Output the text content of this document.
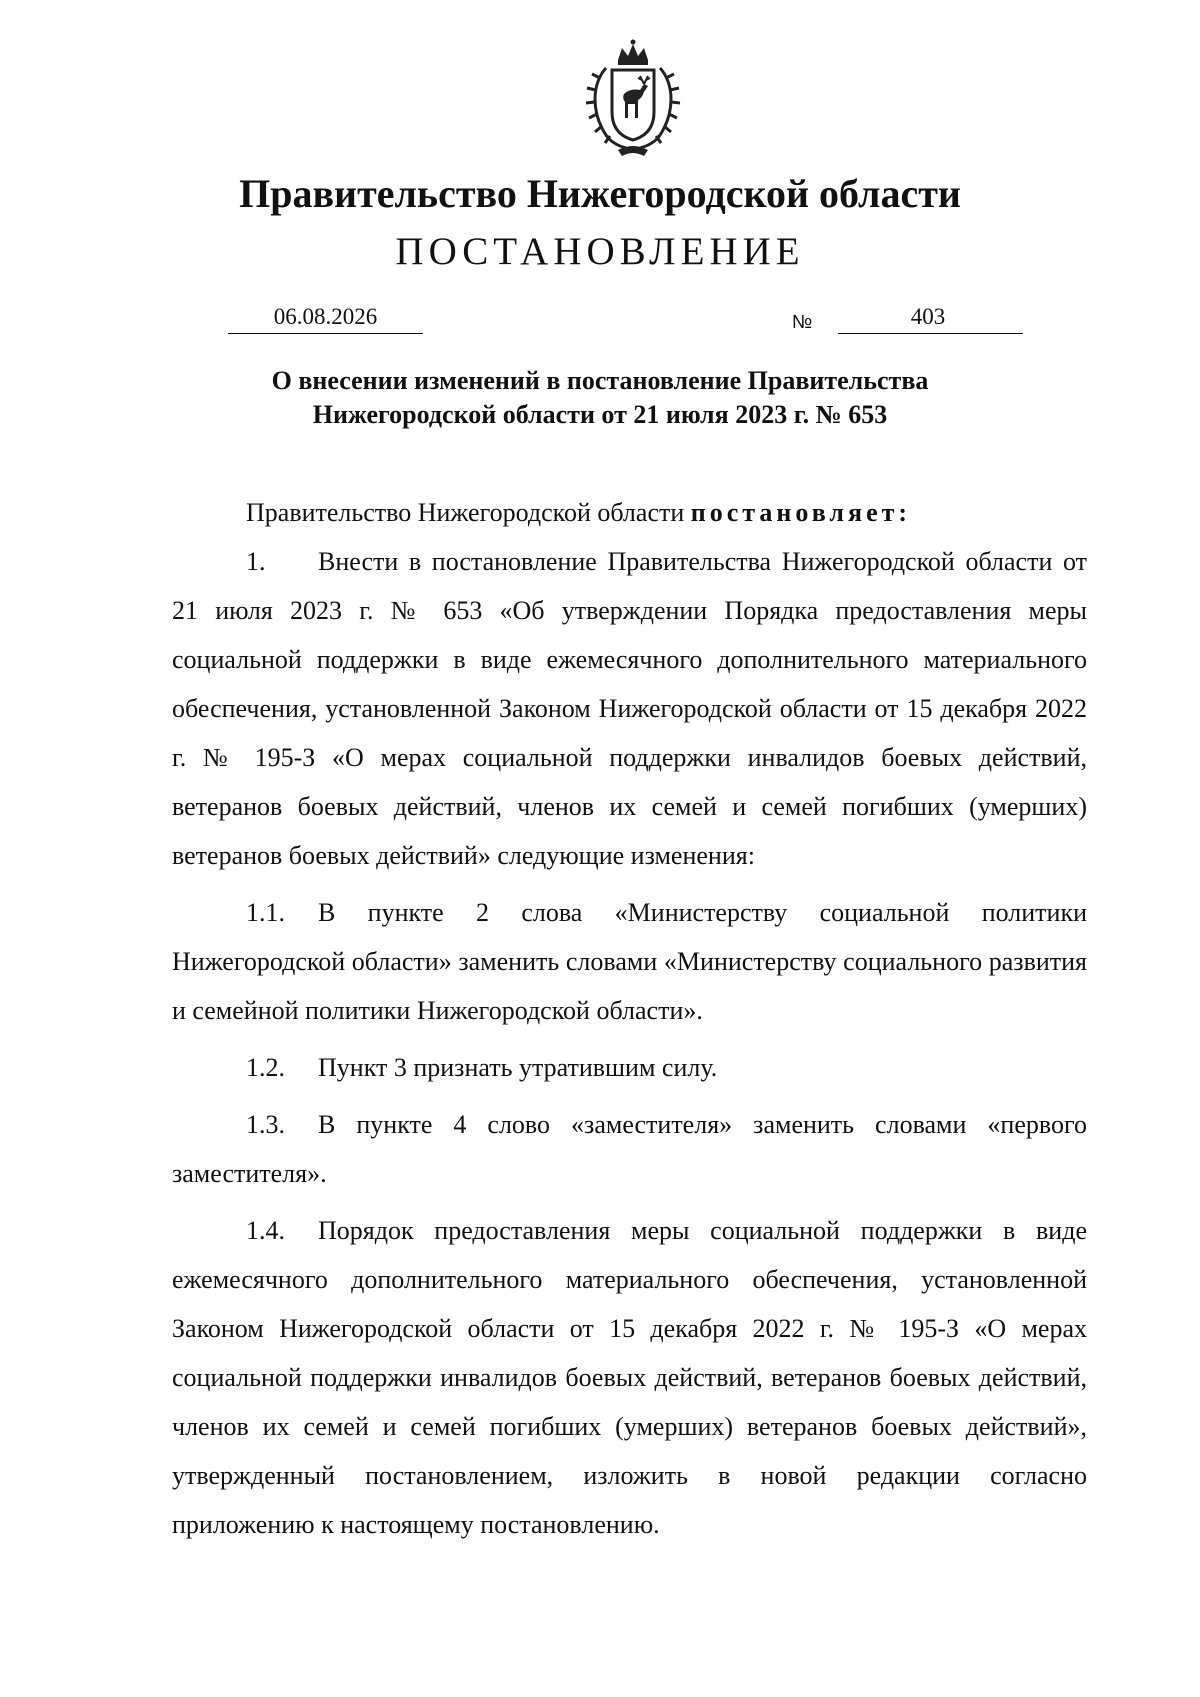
Правительство Нижегородской области
ПОСТАНОВЛЕНИЕ
06.08.2026	№	403
О внесении изменений в постановление Правительства
Нижегородской области от 21 июля 2023 г. № 653

Правительство Нижегородской области постановляет:

1. Внести в постановление Правительства Нижегородской области от 21 июля 2023 г. № 653 «Об утверждении Порядка предоставления меры социальной поддержки в виде ежемесячного дополнительного материального обеспечения, установленной Законом Нижегородской области от 15 декабря 2022 г. № 195-З «О мерах социальной поддержки инвалидов боевых действий, ветеранов боевых действий, членов их семей и семей погибших (умерших) ветеранов боевых действий» следующие изменения:

1.1. В пункте 2 слова «Министерству социальной политики Нижегородской области» заменить словами «Министерству социального развития и семейной политики Нижегородской области».

1.2. Пункт 3 признать утратившим силу.

1.3. В пункте 4 слово «заместителя» заменить словами «первого заместителя».

1.4. Порядок предоставления меры социальной поддержки в виде ежемесячного дополнительного материального обеспечения, установленной Законом Нижегородской области от 15 декабря 2022 г. № 195-З «О мерах социальной поддержки инвалидов боевых действий, ветеранов боевых действий, членов их семей и семей погибших (умерших) ветеранов боевых действий», утвержденный постановлением, изложить в новой редакции согласно приложению к настоящему постановлению.
